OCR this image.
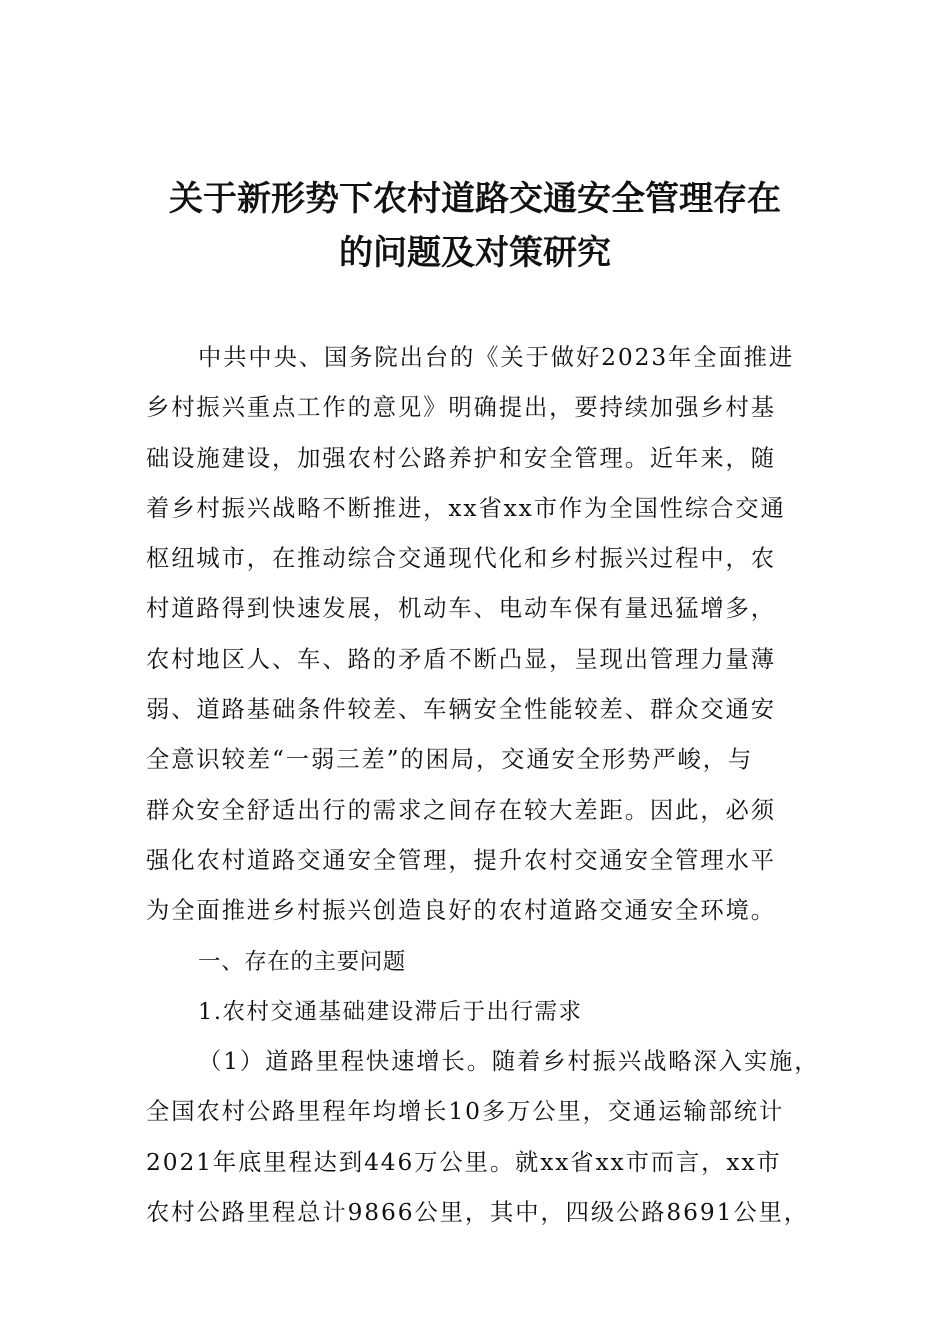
关于新形势下农村道路交通安全管理存在
的问题及对策研究

中共中央、国务院出台的《关于做好2023年全面推进
乡村振兴重点工作的意见》明确提出，要持续加强乡村基
础设施建设，加强农村公路养护和安全管理。近年来，随
着乡村振兴战略不断推进，xx省xx市作为全国性综合交通
枢纽城市，在推动综合交通现代化和乡村振兴过程中，农
村道路得到快速发展，机动车、电动车保有量迅猛增多，
农村地区人、车、路的矛盾不断凸显，呈现出管理力量薄
弱、道路基础条件较差、车辆安全性能较差、群众交通安
全意识较差“一弱三差”的困局，交通安全形势严峻，与
群众安全舒适出行的需求之间存在较大差距。因此，必须
强化农村道路交通安全管理，提升农村交通安全管理水平
为全面推进乡村振兴创造良好的农村道路交通安全环境。

一、存在的主要问题

1.农村交通基础建设滞后于出行需求

（1）道路里程快速增长。随着乡村振兴战略深入实施，
全国农村公路里程年均增长10多万公里，交通运输部统计
2021年底里程达到446万公里。就xx省xx市而言，xx市
农村公路里程总计9866公里，其中，四级公路8691公里，
